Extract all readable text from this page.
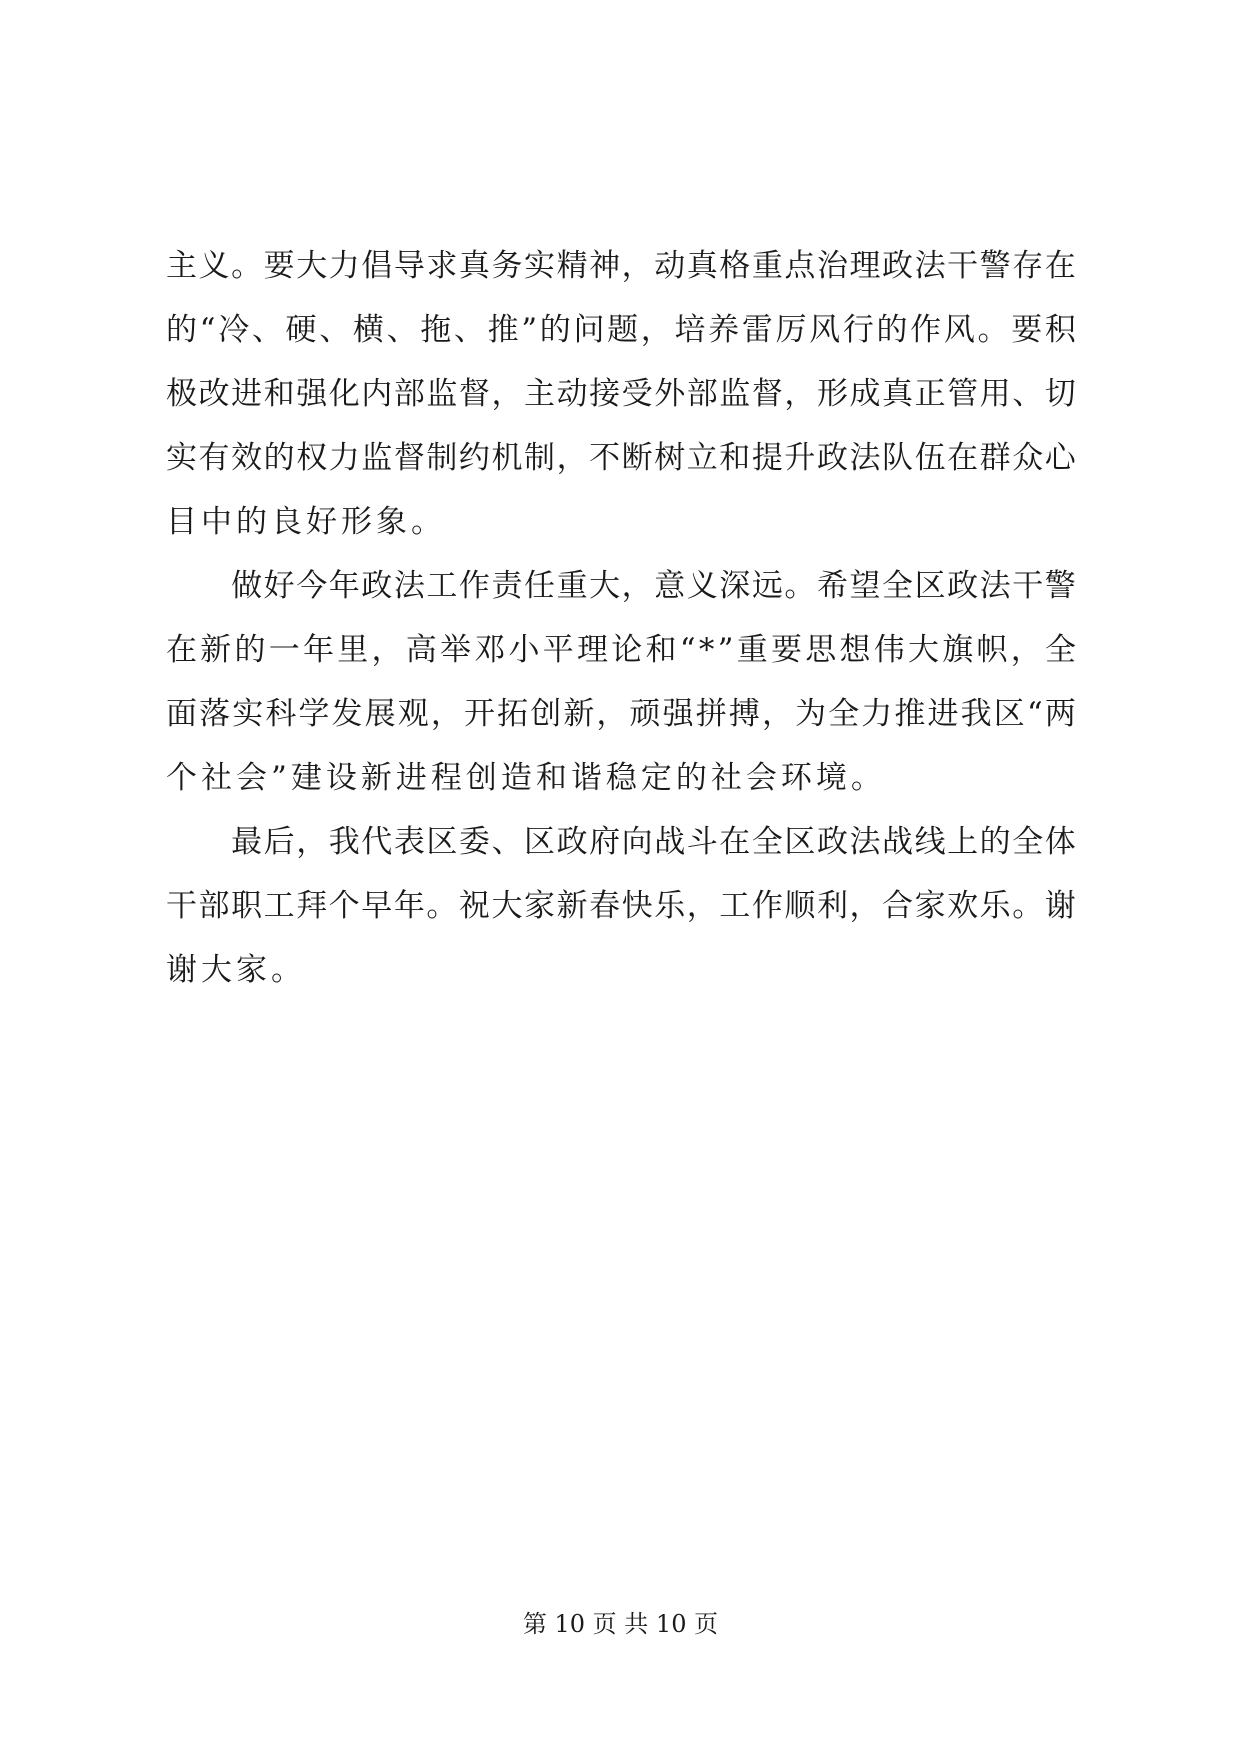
主 义 。 要 大 力 倡 导 求 真 务 实 精 神 ， 动 真 格 重 点 治 理 政 法 干 警 存 在
的 “ 冷 、 硬 、 横 、 拖 、 推 ” 的 问 题 ， 培 养 雷 厉 风 行 的 作 风 。 要 积
极 改 进 和 强 化 内 部 监 督 ， 主 动 接 受 外 部 监 督 ， 形 成 真 正 管 用 、 切
实 有 效 的 权 力 监 督 制 约 机 制 ， 不 断 树 立 和 提 升 政 法 队 伍 在 群 众 心
目中的良好形象。

做 好 今 年 政 法 工 作 责 任 重 大 ， 意 义 深 远 。 希 望 全 区 政 法 干 警
在 新 的 一 年 里 ， 高 举 邓 小 平 理 论 和 “ * ” 重 要 思 想 伟 大 旗 帜 ， 全
面 落 实 科 学 发 展 观 ， 开 拓 创 新 ， 顽 强 拼 搏 ， 为 全 力 推 进 我 区 “ 两
个社会”建设新进程创造和谐稳定的社会环境。

最 后 ， 我 代 表 区 委 、 区 政 府 向 战 斗 在 全 区 政 法 战 线 上 的 全 体
干 部 职 工 拜 个 早 年 。 祝 大 家 新 春 快 乐 ， 工 作 顺 利 ， 合 家 欢 乐 。 谢
谢大家。
第 10 页 共 10 页
